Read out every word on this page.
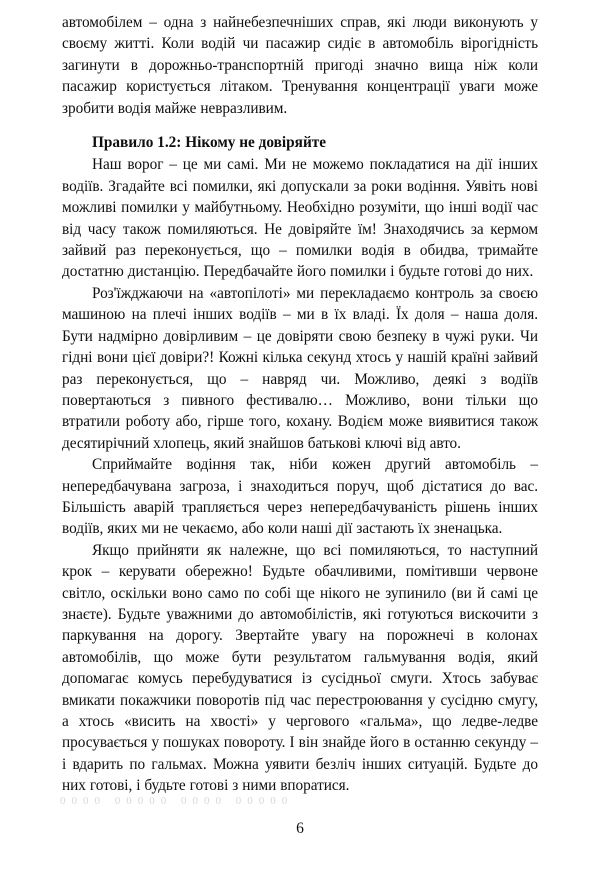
автомобілем – одна з найнебезпечніших справ, які люди виконують у своєму житті. Коли водій чи пасажир сидіє в автомобіль вірогідність загинути в дорожньо-транспортній пригоді значно вища ніж коли пасажир користується літаком. Тренування концентрації уваги може зробити водія майже невразливим.

Правило 1.2: Нікому не довіряйте

Наш ворог – це ми самі. Ми не можемо покладатися на дії інших водіїв. Згадайте всі помилки, які допускали за роки водіння. Уявіть нові можливі помилки у майбутньому. Необхідно розуміти, що інші водії час від часу також помиляються. Не довіряйте їм! Знаходячись за кермом зайвий раз переконується, що – помилки водія в обидва, тримайте достатню дистанцію. Передбачайте його помилки і будьте готові до них.

Роз'їжджаючи на «автопілоті» ми перекладаємо контроль за своєю машиною на плечі інших водіїв – ми в їх владі. Їх доля – наша доля. Бути надмірно довірливим – це довіряти свою безпеку в чужі руки. Чи гідні вони цієї довіри?! Кожні кілька секунд хтось у нашій країні зайвий раз переконується, що – навряд чи. Можливо, деякі з водіїв повертаються з пивного фестивалю… Можливо, вони тільки що втратили роботу або, гірше того, кохану. Водієм може виявитися також десятирічний хлопець, який знайшов батькові ключі від авто.

Сприймайте водіння так, ніби кожен другий автомобіль – непередбачувана загроза, і знаходиться поруч, щоб дістатися до вас. Більшість аварій трапляється через непередбачуваність рішень інших водіїв, яких ми не чекаємо, або коли наші дії застають їх зненацька.

Якщо прийняти як належне, що всі помиляються, то наступний крок – керувати обережно! Будьте обачливими, помітивши червоне світло, оскільки воно само по собі ще нікого не зупинило (ви й самі це знаєте). Будьте уважними до автомобілістів, які готуються вискочити з паркування на дорогу. Звертайте увагу на порожнечі в колонах автомобілів, що може бути результатом гальмування водія, який допомагає комусь перебудуватися із сусідньої смуги. Хтось забуває вмикати покажчики поворотів під час перестроювання у сусідню смугу, а хтось «висить на хвості» у чергового «гальма», що ледве-ледве просувається у пошуках повороту. І він знайде його в останню секунду – і вдарить по гальмах. Можна уявити безліч інших ситуацій. Будьте до них готові, і будьте готові з ними впоратися.

0000 00000 0000 00000
6
